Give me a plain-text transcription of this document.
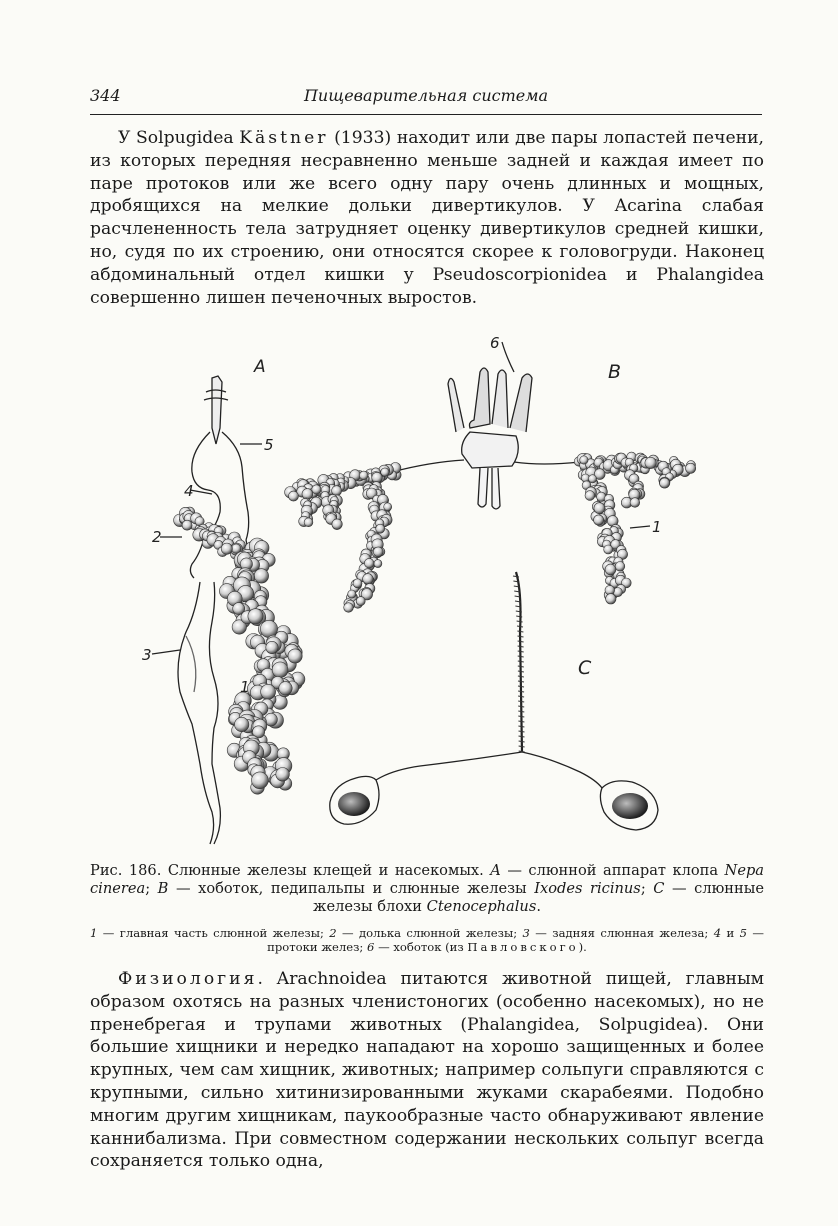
344	Пищеварительная система

У Solpugidea Kästner (1933) находит или две пары лопастей печени, из которых передняя несравненно меньше задней и каждая имеет по паре протоков или же всего одну пару очень длинных и мощных, дробящихся на мелкие дольки дивертикулов. У Acarina слабая расчлененность тела затрудняет оценку дивертикулов средней кишки, но, судя по их строению, они относятся скорее к головогруди. Наконец абдоминальный отдел кишки у Pseudoscorpionidea и Phalangidea совершенно лишен печеночных выростов.

A	B
C
5
4
2
3
1
1
6

Рис. 186. Слюнные железы клещей и насекомых. A — слюнной аппарат клопа Nepa cinerea; B — хоботок, педипальпы и слюнные железы Ixodes ricinus; C — слюнные железы блохи Ctenocephalus.

1 — главная часть слюнной железы; 2 — долька слюнной железы; 3 — задняя слюнная железа; 4 и 5 — протоки желез; 6 — хоботок (из Павловского).

Физиология. Arachnoidea питаются животной пищей, главным образом охотясь на разных членистоногих (особенно насекомых), но не пренебрегая и трупами животных (Phalangidea, Solpugidea). Они большие хищники и нередко нападают на хорошо защищенных и более крупных, чем сам хищник, животных; например сольпуги справляются с крупными, сильно хитинизированными жуками скарабеями. Подобно многим другим хищникам, паукообразные часто обнаруживают явление каннибализма. При совместном содержании нескольких сольпуг всегда сохраняется только одна,
